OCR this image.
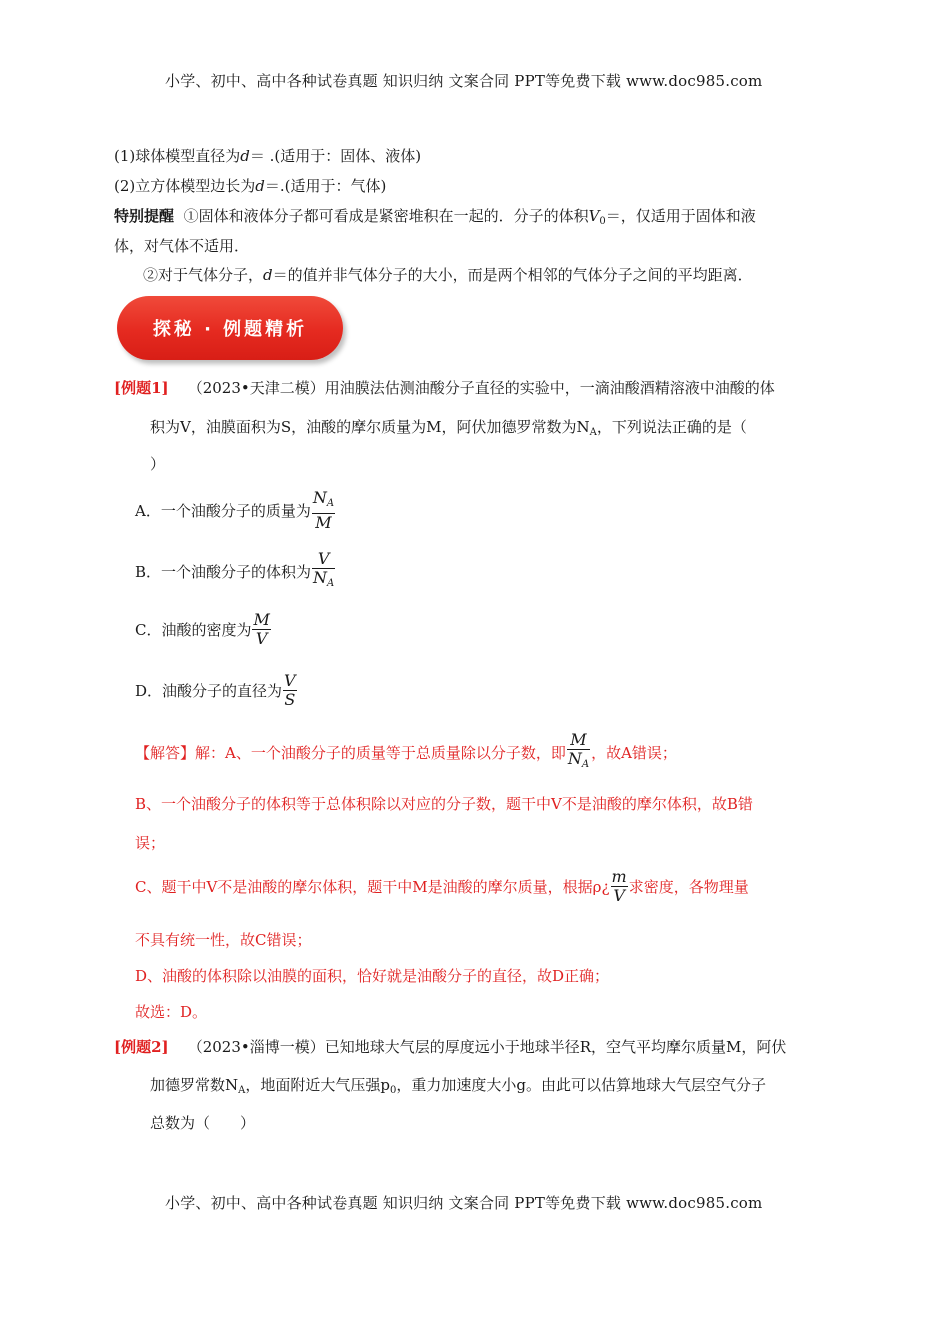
小学、初中、高中各种试卷真题 知识归纳 文案合同 PPT等免费下载 www.doc985.com
(1)球体模型直径为d＝ .(适用于：固体、液体)
(2)立方体模型边长为d＝.(适用于：气体)
特别提醒 ①固体和液体分子都可看成是紧密堆积在一起的．分子的体积$V_0=$，仅适用于固体和液
体，对气体不适用．
②对于气体分子，d＝的值并非气体分子的大小，而是两个相邻的气体分子之间的平均距离．
探秘 · 例题精析
[例题1] （2023•天津二模）用油膜法估测油酸分子直径的实验中，一滴油酸酒精溶液中油酸的体
积为V，油膜面积为S，油酸的摩尔质量为M，阿伏加德罗常数为$N_A$，下列说法正确的是（
）
A．一个油酸分子的质量为 $\frac{N_A}{M}$
B．一个油酸分子的体积为 $\frac{V}{N_A}$
C．油酸的密度为 $\frac{M}{V}$
D．油酸分子的直径为 $\frac{V}{S}$
【解答】解：A、一个油酸分子的质量等于总质量除以分子数，即 $\frac{M}{N_A}$ ，故A错误；
B、一个油酸分子的体积等于总体积除以对应的分子数，题干中V不是油酸的摩尔体积，故B错
误；
C、题干中V不是油酸的摩尔体积，题干中M是油酸的摩尔质量，根据ρ¿ $\frac{m}{V}$ 求密度，各物理量
不具有统一性，故C错误；
D、油酸的体积除以油膜的面积，恰好就是油酸分子的直径，故D正确；
故选：D。
[例题2] （2023•淄博一模）已知地球大气层的厚度远小于地球半径R，空气平均摩尔质量M，阿伏
加德罗常数$N_A$，地面附近大气压强$p_0$，重力加速度大小g。由此可以估算地球大气层空气分子
总数为（　　）
小学、初中、高中各种试卷真题 知识归纳 文案合同 PPT等免费下载 www.doc985.com
